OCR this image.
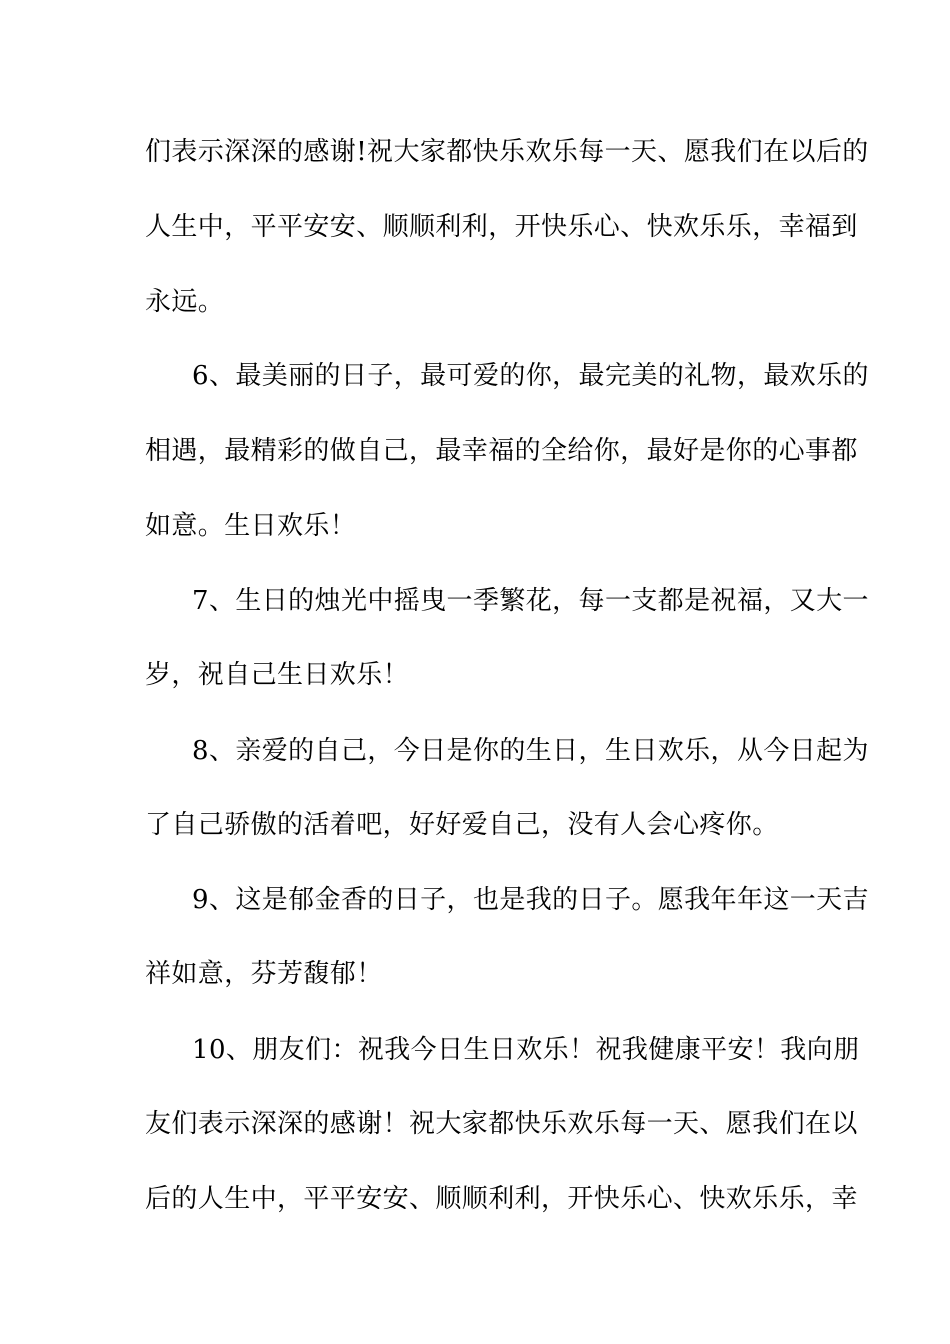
们表示深深的感谢!祝大家都快乐欢乐每一天、愿我们在以后的
人生中，平平安安、顺顺利利，开快乐心、快欢乐乐，幸福到
永远。
6、最美丽的日子，最可爱的你，最完美的礼物，最欢乐的
相遇，最精彩的做自己，最幸福的全给你，最好是你的心事都
如意。生日欢乐！
7、生日的烛光中摇曳一季繁花，每一支都是祝福，又大一
岁，祝自己生日欢乐！
8、亲爱的自己，今日是你的生日，生日欢乐，从今日起为
了自己骄傲的活着吧，好好爱自己，没有人会心疼你。
9、这是郁金香的日子，也是我的日子。愿我年年这一天吉
祥如意，芬芳馥郁！
10、朋友们：祝我今日生日欢乐！祝我健康平安！我向朋
友们表示深深的感谢！祝大家都快乐欢乐每一天、愿我们在以
后的人生中，平平安安、顺顺利利，开快乐心、快欢乐乐，幸
